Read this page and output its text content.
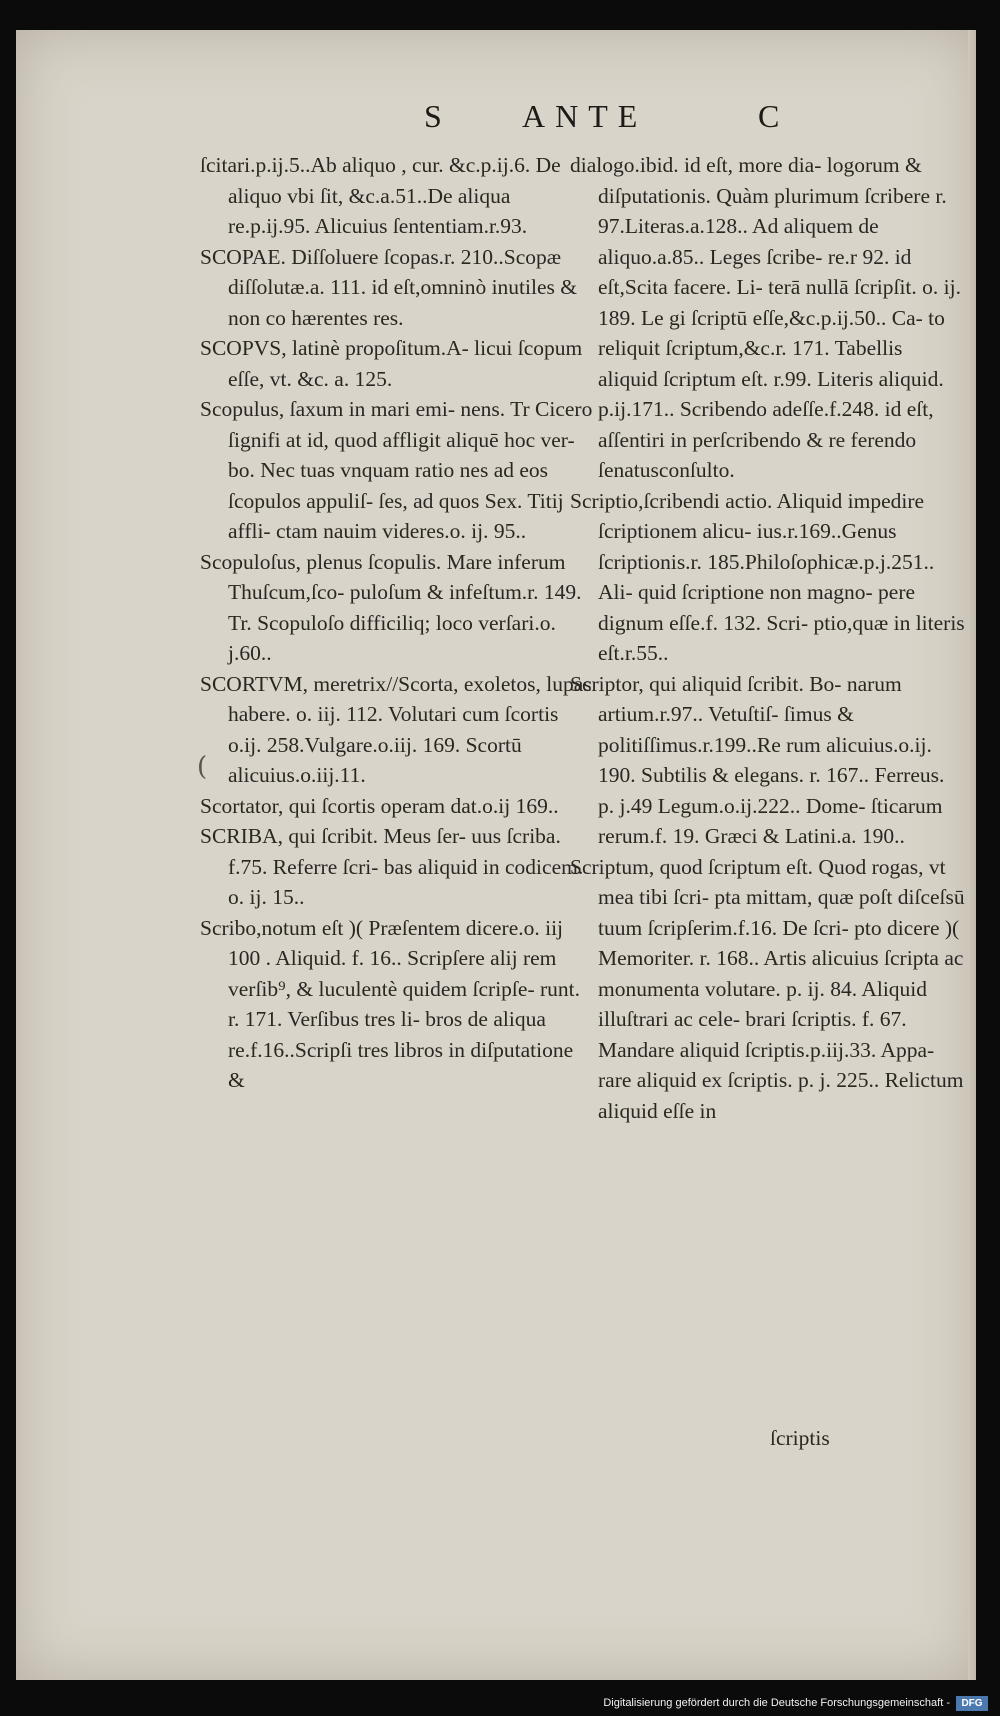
S ANTE	C
(

ſcitari.p.ij.5..Ab aliquo , cur. &c.p.ij.6. De aliquo vbi ſit, &c.a.51..De aliqua re.p.ij.95. Alicuius ſententiam.r.93.

SCOPAE. Diſſoluere ſcopas.r. 210..Scopæ diſſolutæ.a. 111. id eſt,omninò inutiles & non co hærentes res.

SCOPVS, latinè propoſitum.A- licui ſcopum eſſe, vt. &c. a. 125.

Scopulus, ſaxum in mari emi- nens. Tr Cicero ſignifi at id, quod affligit aliquē hoc ver- bo. Nec tuas vnquam ratio nes ad eos ſcopulos appuliſ- ſes, ad quos Sex. Titij affli- ctam nauim videres.o. ij. 95..

Scopuloſus, plenus ſcopulis. Mare inferum Thuſcum,ſco- puloſum & infeſtum.r. 149. Tr. Scopuloſo difficiliq; loco verſari.o. j.60..

SCORTVM, meretrix//Scorta, exoletos, lupas habere. o. iij. 112. Volutari cum ſcortis o.ij. 258.Vulgare.o.iij. 169. Scortū alicuius.o.iij.11.

Scortator, qui ſcortis operam dat.o.ij 169..

SCRIBA, qui ſcribit. Meus ſer- uus ſcriba. f.75. Referre ſcri- bas aliquid in codicem. o. ij. 15..

Scribo,notum eſt )( Præſentem dicere.o. iij 100 . Aliquid. f. 16.. Scripſere alij rem verſib⁹, & luculentè quidem ſcripſe- runt. r. 171. Verſibus tres li- bros de aliqua re.f.16..Scripſi tres libros in diſputatione &

dialogo.ibid. id eſt, more dia- logorum & diſputationis. Quàm plurimum ſcribere r. 97.Literas.a.128.. Ad aliquem de aliquo.a.85.. Leges ſcribe- re.r 92. id eſt,Scita facere. Li- terā nullā ſcripſit. o. ij. 189. Le gi ſcriptū eſſe,&c.p.ij.50.. Ca- to reliquit ſcriptum,&c.r. 171. Tabellis aliquid ſcriptum eſt. r.99. Literis aliquid. p.ij.171.. Scribendo adeſſe.f.248. id eſt, aſſentiri in perſcribendo & re ferendo ſenatusconſulto.

Scriptio,ſcribendi actio. Aliquid impedire ſcriptionem alicu- ius.r.169..Genus ſcriptionis.r. 185.Philoſophicæ.p.j.251.. Ali- quid ſcriptione non magno- pere dignum eſſe.f. 132. Scri- ptio,quæ in literis eſt.r.55..

Scriptor, qui aliquid ſcribit. Bo- narum artium.r.97.. Vetuſtiſ- ſimus & politiſſimus.r.199..Re rum alicuius.o.ij. 190. Subtilis & elegans. r. 167.. Ferreus. p. j.49 Legum.o.ij.222.. Dome- ſticarum rerum.f. 19. Græci & Latini.a. 190..

Scriptum, quod ſcriptum eſt. Quod rogas, vt mea tibi ſcri- pta mittam, quæ poſt diſceſsū tuum ſcripſerim.f.16. De ſcri- pto dicere )( Memoriter. r. 168.. Artis alicuius ſcripta ac monumenta volutare. p. ij. 84. Aliquid illuſtrari ac cele- brari ſcriptis. f. 67. Mandare aliquid ſcriptis.p.iij.33. Appa- rare aliquid ex ſcriptis. p. j. 225.. Relictum aliquid eſſe in

ſcriptis
Digitalisierung gefördert durch die Deutsche Forschungsgemeinschaft -	DFG
